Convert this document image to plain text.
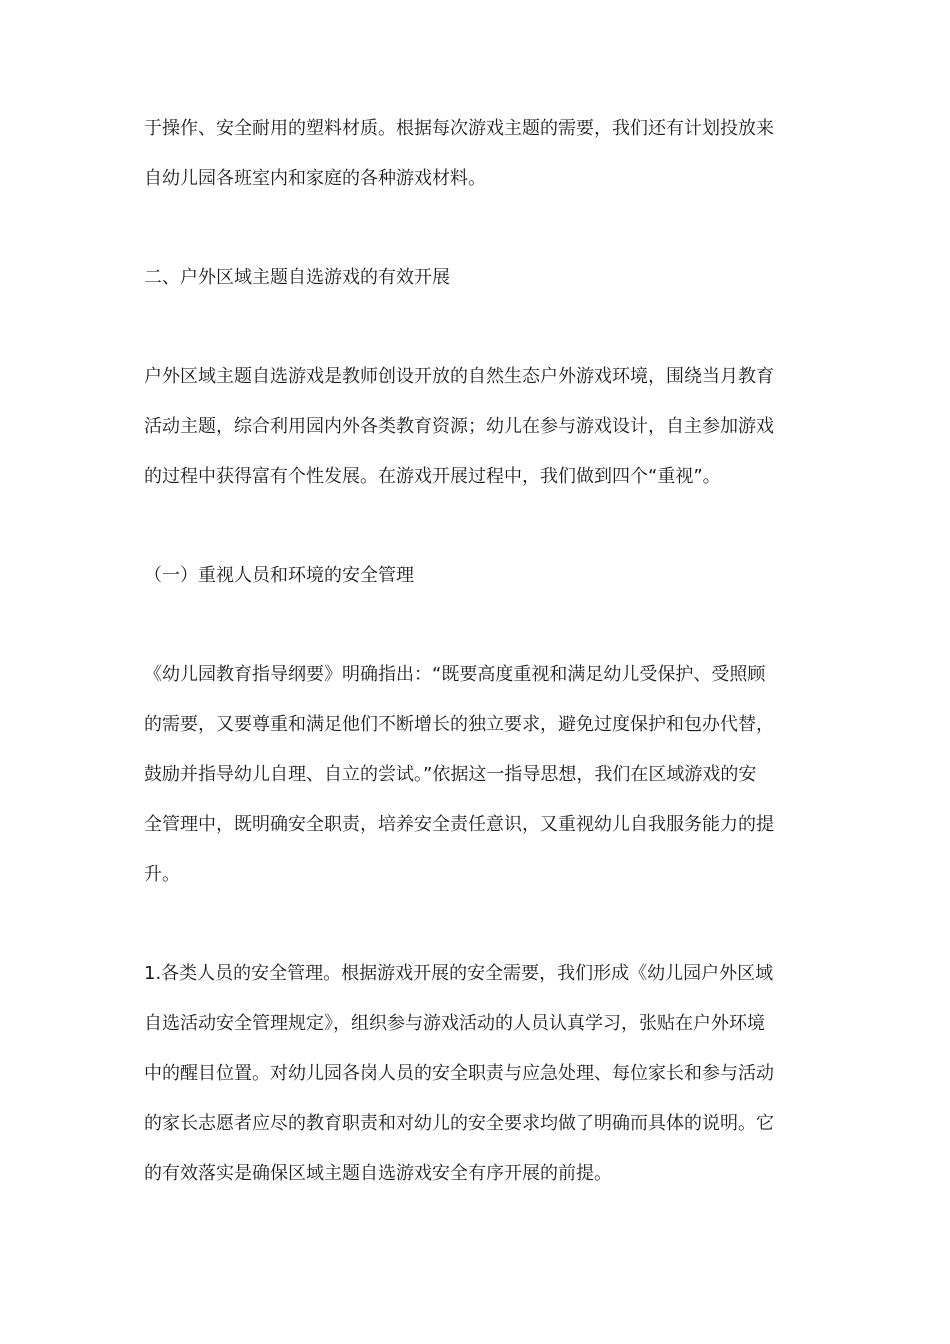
于操作、安全耐用的塑料材质。根据每次游戏主题的需要，我们还有计划投放来
自幼儿园各班室内和家庭的各种游戏材料。
二、户外区域主题自选游戏的有效开展
户外区域主题自选游戏是教师创设开放的自然生态户外游戏环境，围绕当月教育
活动主题，综合利用园内外各类教育资源；幼儿在参与游戏设计，自主参加游戏
的过程中获得富有个性发展。在游戏开展过程中，我们做到四个“重视”。
（一）重视人员和环境的安全管理
《幼儿园教育指导纲要》明确指出：“既要高度重视和满足幼儿受保护、受照顾
的需要，又要尊重和满足他们不断增长的独立要求，避免过度保护和包办代替，
鼓励并指导幼儿自理、自立的尝试。”依据这一指导思想，我们在区域游戏的安
全管理中，既明确安全职责，培养安全责任意识，又重视幼儿自我服务能力的提
升。
1.各类人员的安全管理。根据游戏开展的安全需要，我们形成《幼儿园户外区域
自选活动安全管理规定》，组织参与游戏活动的人员认真学习，张贴在户外环境
中的醒目位置。对幼儿园各岗人员的安全职责与应急处理、每位家长和参与活动
的家长志愿者应尽的教育职责和对幼儿的安全要求均做了明确而具体的说明。它
的有效落实是确保区域主题自选游戏安全有序开展的前提。
